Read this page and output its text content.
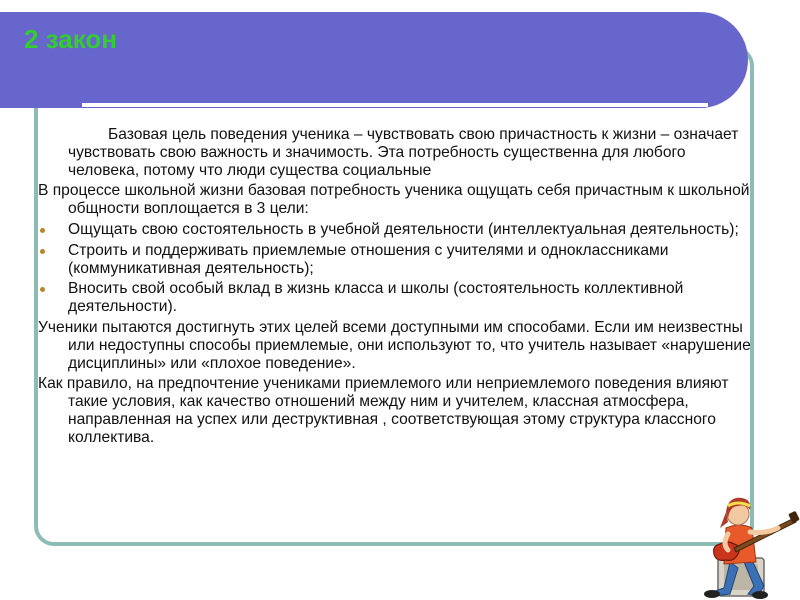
2 закон

Базовая цель поведения ученика – чувствовать свою причастность к жизни – означает чувствовать свою важность и значимость. Эта потребность существенна для любого человека, потому что люди существа социальные

В процессе школьной жизни базовая потребность ученика ощущать себя причастным к школьной общности воплощается в 3 цели:

Ощущать свою состоятельность в учебной деятельности (интеллектуальная деятельность);
Строить и поддерживать приемлемые отношения с учителями и одноклассниками (коммуникативная деятельность);
Вносить свой особый вклад в жизнь класса и школы (состоятельность коллективной деятельности).

Ученики пытаются достигнуть этих целей всеми доступными им способами. Если им неизвестны или недоступны способы приемлемые, они используют то, что учитель называет «нарушение дисциплины» или «плохое поведение».

Как правило, на предпочтение учениками приемлемого или неприемлемого поведения влияют такие условия, как качество отношений между ним и учителем, классная атмосфера, направленная на успех или деструктивная , соответствующая этому структура классного коллектива.
